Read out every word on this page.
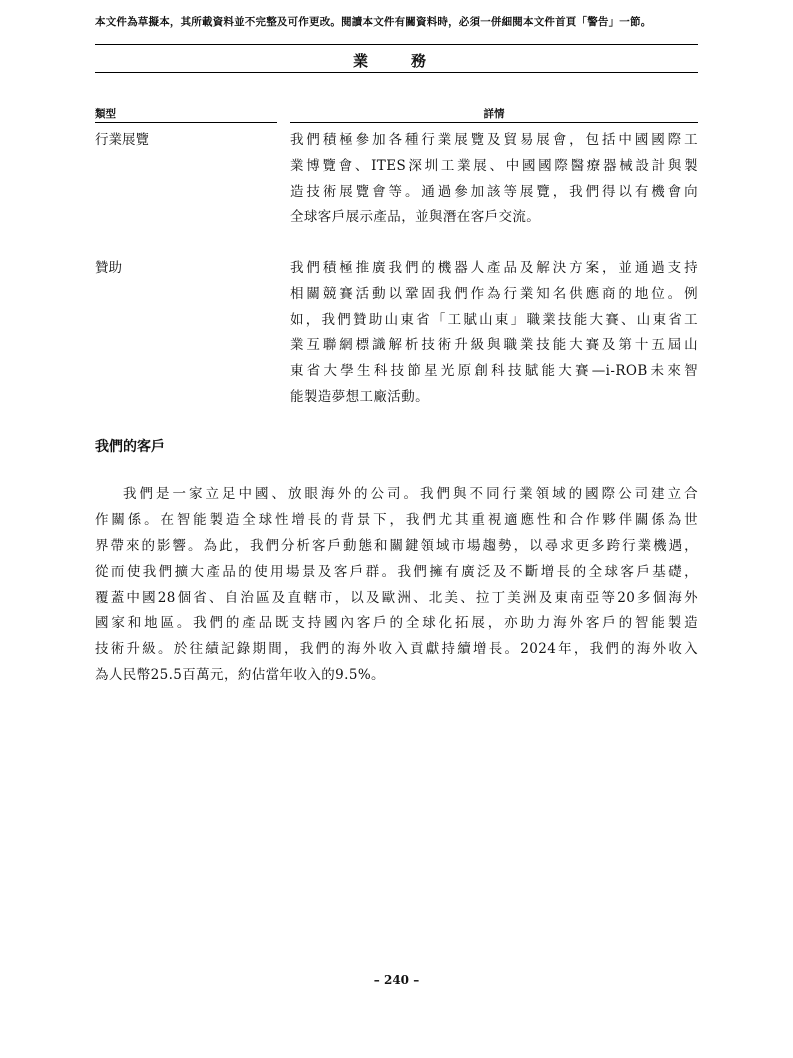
本文件為草擬本，其所載資料並不完整及可作更改。閱讀本文件有關資料時，必須一併細閱本文件首頁「警告」一節。
業　務
類型	詳情
行業展覽	我們積極參加各種行業展覽及貿易展會，包括中國國際工
業博覽會、ITES深圳工業展、中國國際醫療器械設計與製
造技術展覽會等。通過參加該等展覽，我們得以有機會向
全球客戶展示產品，並與潛在客戶交流。
贊助	我們積極推廣我們的機器人產品及解決方案，並通過支持
相關競賽活動以鞏固我們作為行業知名供應商的地位。例
如，我們贊助山東省「工賦山東」職業技能大賽、山東省工
業互聯網標識解析技術升級與職業技能大賽及第十五屆山
東省大學生科技節星光原創科技賦能大賽—i-ROB未來智
能製造夢想工廠活動。
我們的客戶
我們是一家立足中國、放眼海外的公司。我們與不同行業領域的國際公司建立合
作關係。在智能製造全球性增長的背景下，我們尤其重視適應性和合作夥伴關係為世
界帶來的影響。為此，我們分析客戶動態和關鍵領域市場趨勢，以尋求更多跨行業機遇，
從而使我們擴大產品的使用場景及客戶群。我們擁有廣泛及不斷增長的全球客戶基礎，
覆蓋中國28個省、自治區及直轄市，以及歐洲、北美、拉丁美洲及東南亞等20多個海外
國家和地區。我們的產品既支持國內客戶的全球化拓展，亦助力海外客戶的智能製造
技術升級。於往績記錄期間，我們的海外收入貢獻持續增長。2024年，我們的海外收入
為人民幣25.5百萬元，約佔當年收入的9.5%。
– 240 –
